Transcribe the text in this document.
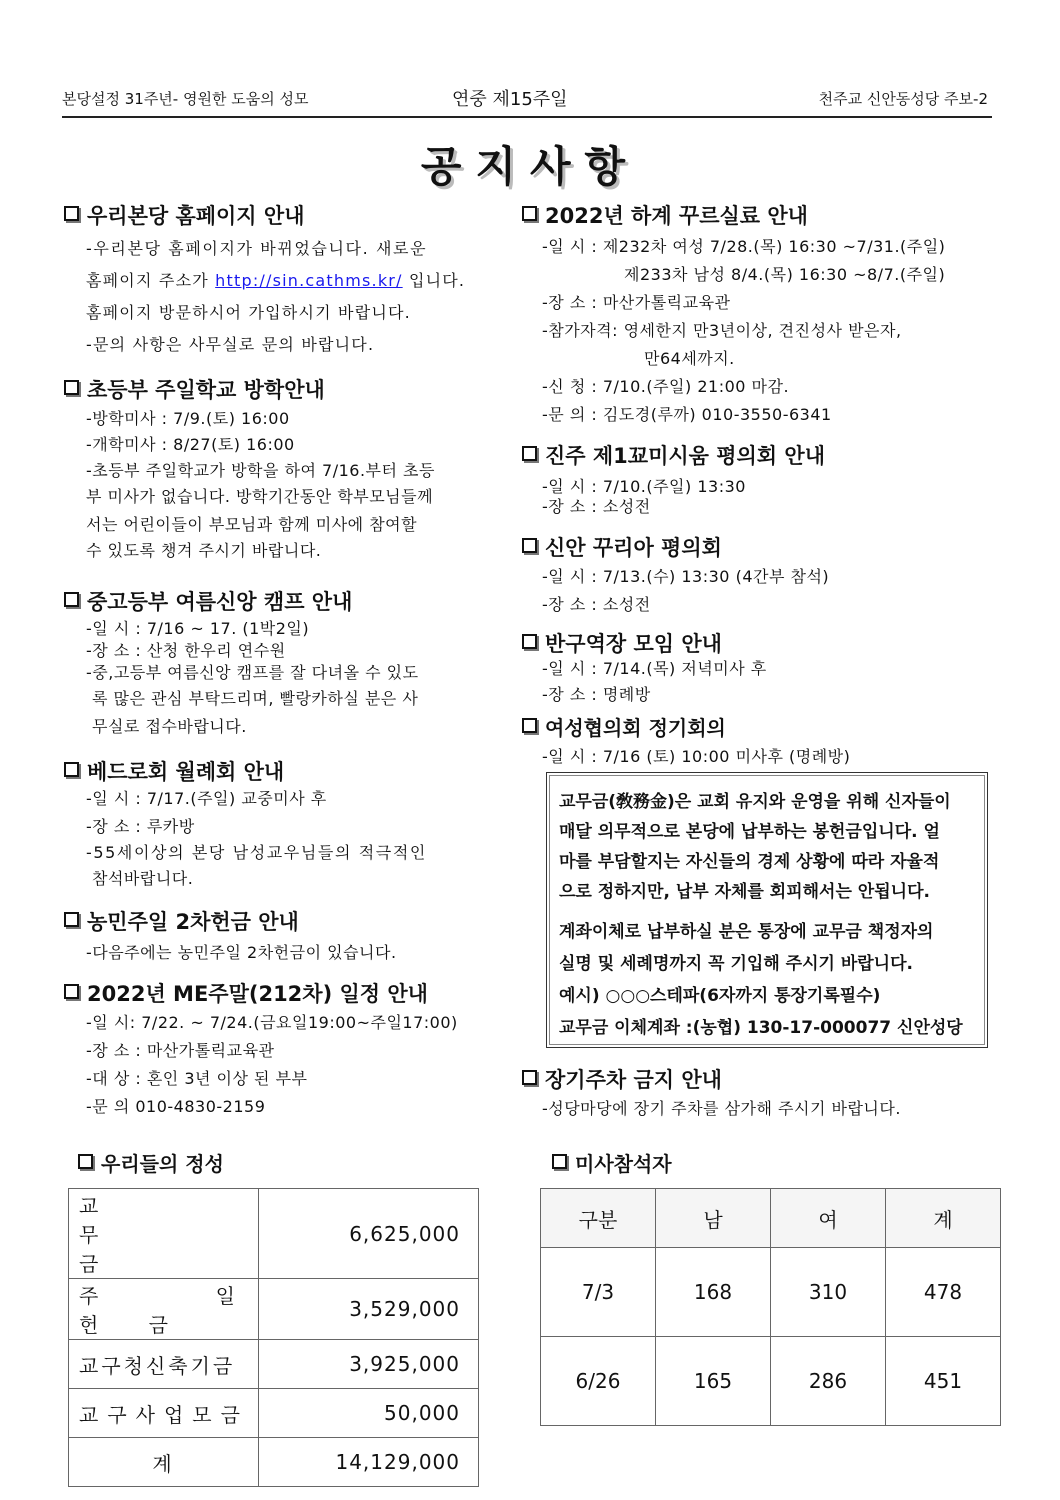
본당설정 31주년- 영원한 도움의 성모	연중 제15주일	천주교 신안동성당 주보-2
공지사항
우리본당 홈페이지 안내
-우리본당 홈페이지가 바뀌었습니다. 새로운
홈페이지 주소가 http://sin.cathms.kr/ 입니다.
홈페이지 방문하시어 가입하시기 바랍니다.
-문의 사항은 사무실로 문의 바랍니다.
초등부 주일학교 방학안내
-방학미사 : 7/9.(토) 16:00
-개학미사 : 8/27(토) 16:00
-초등부 주일학교가 방학을 하여 7/16.부터 초등
부 미사가 없습니다. 방학기간동안 학부모님들께
서는 어린이들이 부모님과 함께 미사에 참여할
수 있도록 챙겨 주시기 바랍니다.
중고등부 여름신앙 캠프 안내
-일 시 : 7/16 ~ 17. (1박2일)
-장 소 : 산청 한우리 연수원
-중,고등부 여름신앙 캠프를 잘 다녀올 수 있도
록 많은 관심 부탁드리며, 빨랑카하실 분은 사
무실로 접수바랍니다.
베드로회 월례회 안내
-일 시 : 7/17.(주일) 교중미사 후
-장 소 : 루카방
-55세이상의 본당 남성교우님들의 적극적인
참석바랍니다.
농민주일 2차헌금 안내
-다음주에는 농민주일 2차헌금이 있습니다.
2022년 ME주말(212차) 일정 안내
-일 시: 7/22. ~ 7/24.(금요일19:00~주일17:00)
-장 소 : 마산가톨릭교육관
-대 상 : 혼인 3년 이상 된 부부
-문 의 010-4830-2159
2022년 하계 꾸르실료 안내
-일 시 : 제232차 여성 7/28.(목) 16:30 ~7/31.(주일)
제233차 남성 8/4.(목) 16:30 ~8/7.(주일)
-장 소 : 마산가톨릭교육관
-참가자격: 영세한지 만3년이상, 견진성사 받은자,
만64세까지.
-신 청 : 7/10.(주일) 21:00 마감.
-문 의 : 김도경(루까) 010-3550-6341
진주 제1꾜미시움 평의회 안내
-일 시 : 7/10.(주일) 13:30
-장 소 : 소성전
신안 꾸리아 평의회
-일 시 : 7/13.(수) 13:30 (4간부 참석)
-장 소 : 소성전
반구역장 모임 안내
-일 시 : 7/14.(목) 저녁미사 후
-장 소 : 명례방
여성협의회 정기회의
-일 시 : 7/16 (토) 10:00 미사후 (명례방)
교무금(敎務金)은 교회 유지와 운영을 위해 신자들이
매달 의무적으로 본당에 납부하는 봉헌금입니다. 얼
마를 부담할지는 자신들의 경제 상황에 따라 자율적
으로 정하지만, 납부 자체를 회피해서는 안됩니다.
계좌이체로 납부하실 분은 통장에 교무금 책정자의
실명 및 세례명까지 꼭 기입해 주시기 바랍니다.
예시) ○○○스테파(6자까지 통장기록필수)
교무금 이체계좌 :(농협) 130-17-000077 신안성당
장기주차 금지 안내
-성당마당에 장기 주차를 삼가해 주시기 바랍니다.
우리들의 정성
교 무 금	6,625,000
주 일 헌 금	3,529,000
교구청신축기금	3,925,000
교구사업모금	50,000
계	14,129,000
미사참석자
구분	남	여	계
7/3	168	310	478
6/26	165	286	451
